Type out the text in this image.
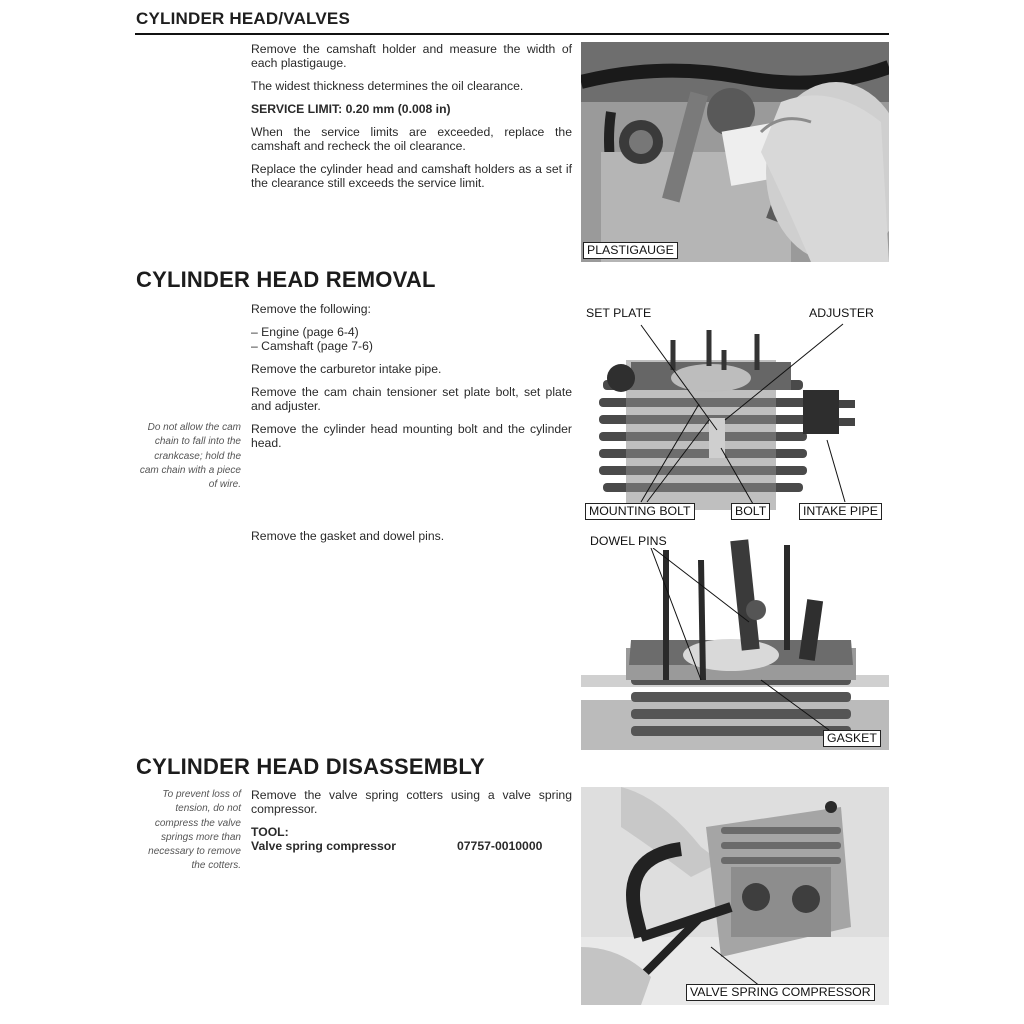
CYLINDER HEAD/VALVES

Remove the camshaft holder and measure the width of each plastigauge.

The widest thickness determines the oil clearance.

SERVICE LIMIT: 0.20 mm (0.008 in)

When the service limits are exceeded, replace the camshaft and recheck the oil clearance.

Replace the cylinder head and camshaft holders as a set if the clearance still exceeds the service limit.

PLASTIGAUGE
CYLINDER HEAD REMOVAL

Remove the following:

– Engine (page 6-4)
– Camshaft (page 7-6)

Remove the carburetor intake pipe.

Remove the cam chain tensioner set plate bolt, set plate and adjuster.

Remove the cylinder head mounting bolt and the cylinder head.

Do not allow the cam chain to fall into the crankcase; hold the cam chain with a piece of wire.

Remove the gasket and dowel pins.

SET PLATE	ADJUSTER
MOUNTING BOLT	BOLT	INTAKE PIPE
DOWEL PINS
GASKET
CYLINDER HEAD DISASSEMBLY
To prevent loss of tension, do not compress the valve springs more than necessary to remove the cotters.

Remove the valve spring cotters using a valve spring compressor.

TOOL:

Valve spring compressor	07757-0010000
VALVE SPRING COMPRESSOR
